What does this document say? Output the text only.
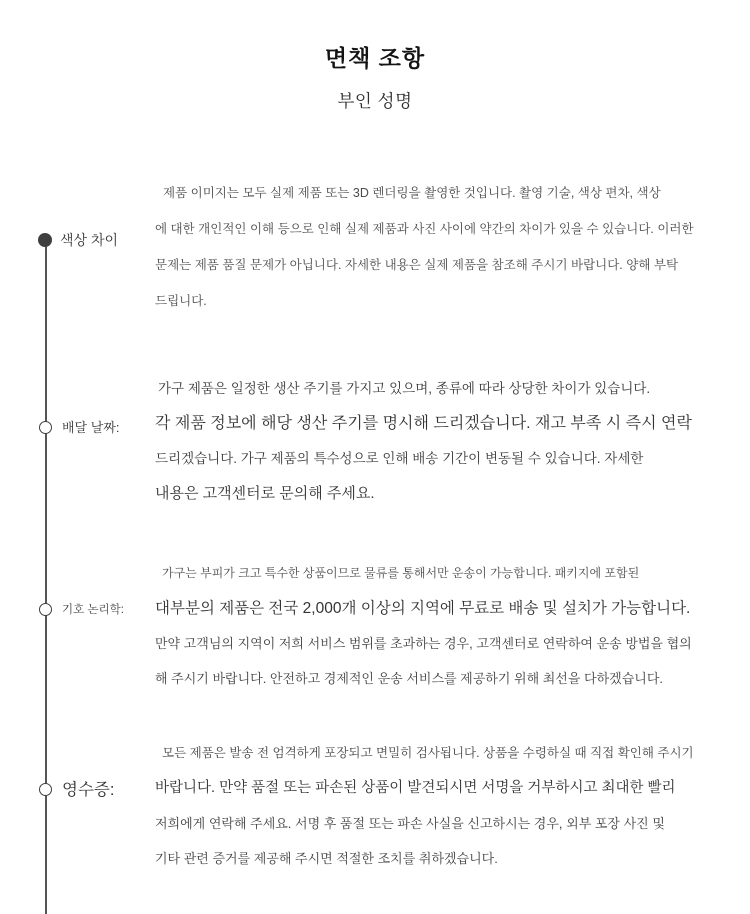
면책 조항
부인 성명
색상 차이
배달 날짜:
기호 논리학:
영수증:
제품 이미지는 모두 실제 제품 또는 3D 렌더링을 촬영한 것입니다. 촬영 기술, 색상 편차, 색상
에 대한 개인적인 이해 등으로 인해 실제 제품과 사진 사이에 약간의 차이가 있을 수 있습니다. 이러한
문제는 제품 품질 문제가 아닙니다. 자세한 내용은 실제 제품을 참조해 주시기 바랍니다. 양해 부탁
드립니다.
가구 제품은 일정한 생산 주기를 가지고 있으며, 종류에 따라 상당한 차이가 있습니다.
각 제품 정보에 해당 생산 주기를 명시해 드리겠습니다. 재고 부족 시 즉시 연락
드리겠습니다. 가구 제품의 특수성으로 인해 배송 기간이 변동될 수 있습니다. 자세한
내용은 고객센터로 문의해 주세요.
가구는 부피가 크고 특수한 상품이므로 물류를 통해서만 운송이 가능합니다. 패키지에 포함된
대부분의 제품은 전국 2,000개 이상의 지역에 무료로 배송 및 설치가 가능합니다.
만약 고객님의 지역이 저희 서비스 범위를 초과하는 경우, 고객센터로 연락하여 운송 방법을 협의
해 주시기 바랍니다. 안전하고 경제적인 운송 서비스를 제공하기 위해 최선을 다하겠습니다.
모든 제품은 발송 전 엄격하게 포장되고 면밀히 검사됩니다. 상품을 수령하실 때 직접 확인해 주시기
바랍니다. 만약 품절 또는 파손된 상품이 발견되시면 서명을 거부하시고 최대한 빨리
저희에게 연락해 주세요. 서명 후 품절 또는 파손 사실을 신고하시는 경우, 외부 포장 사진 및
기타 관련 증거를 제공해 주시면 적절한 조치를 취하겠습니다.
